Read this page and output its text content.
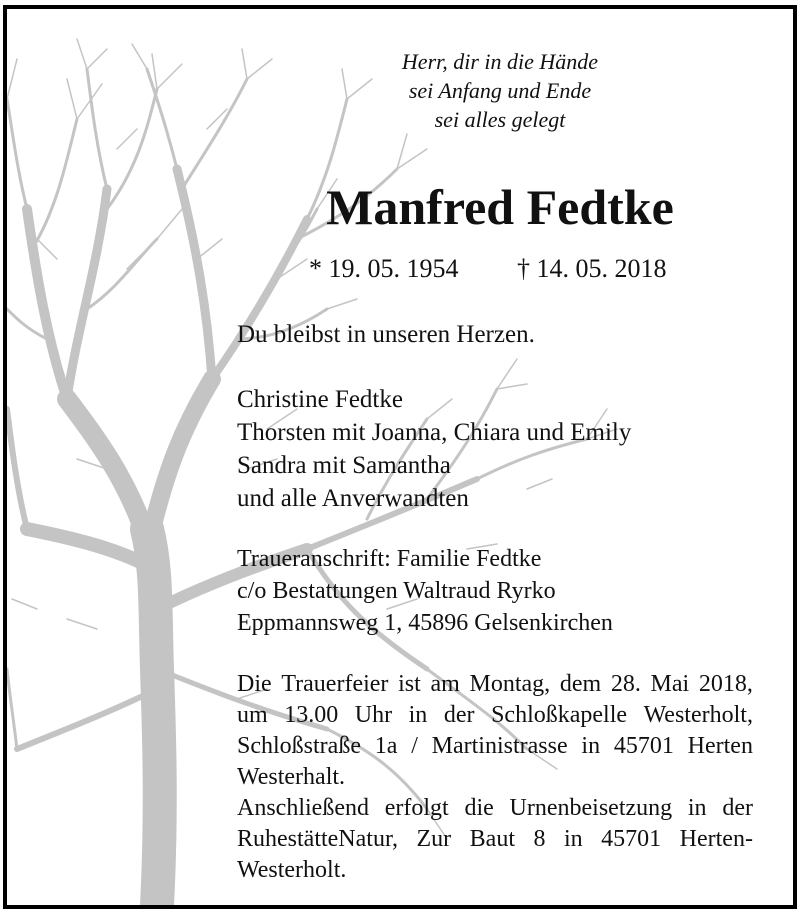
Herr, dir in die Hände
sei Anfang und Ende
sei alles gelegt
Manfred Fedtke
* 19. 05. 1954 † 14. 05. 2018
Du bleibst in unseren Herzen.
Christine Fedtke
Thorsten mit Joanna, Chiara und Emily
Sandra mit Samantha
und alle Anverwandten
Traueranschrift: Familie Fedtke
c/o Bestattungen Waltraud Ryrko
Eppmannsweg 1, 45896 Gelsenkirchen
Die Trauerfeier ist am Montag, dem 28. Mai 2018,
um 13.00 Uhr in der Schloßkapelle Westerholt,
Schloßstraße 1a / Martinistrasse in 45701 Herten
Westerhalt.
Anschließend erfolgt die Urnenbeisetzung in der
RuhestätteNatur, Zur Baut 8 in 45701 Herten-
Westerholt.
